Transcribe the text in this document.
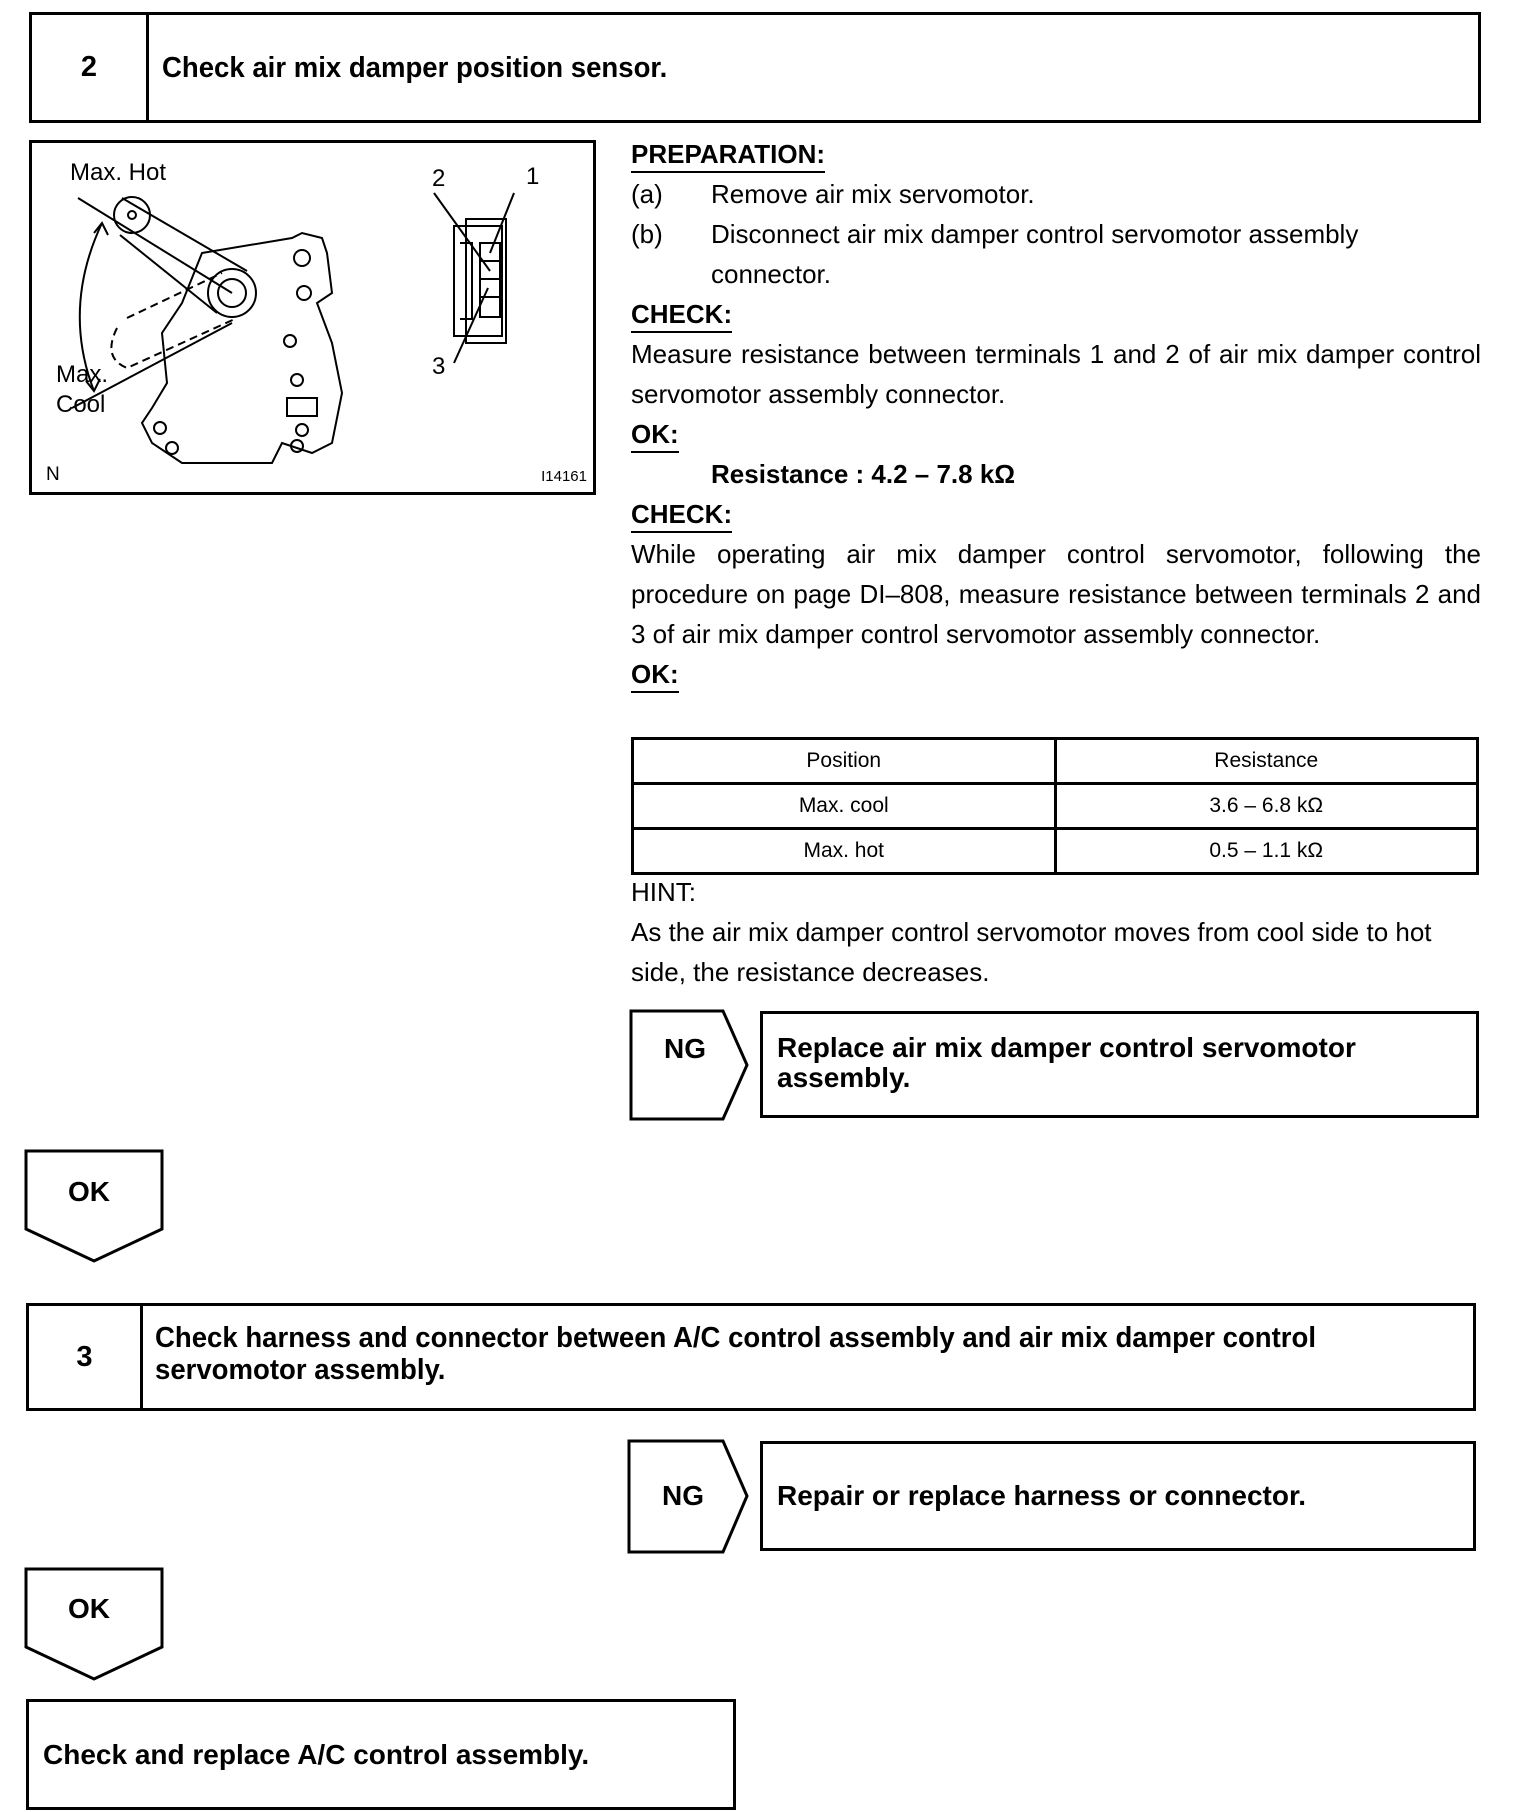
2	Check air mix damper position sensor.
Max. Hot
Max.
Cool
2	1
3
N	I14161
PREPARATION:
(a)	Remove air mix servomotor.
(b)	Disconnect air mix damper control servomotor assembly connector.
CHECK:
Measure resistance between terminals 1 and 2 of air mix damper control servomotor assembly connector.
OK:
Resistance : 4.2 – 7.8 kΩ
CHECK:
While operating air mix damper control servomotor, following the procedure on page DI–808, measure resistance between terminals 2 and 3 of air mix damper control servomotor assembly connector.
OK:
Position	Resistance
Max. cool	3.6 – 6.8 kΩ
Max. hot	0.5 – 1.1 kΩ
HINT:
As the air mix damper control servomotor moves from cool side to hot side, the resistance decreases.
NG	Replace air mix damper control servomotor assembly.
OK
3
Check harness and connector between A/C control assembly and air mix damper control servomotor assembly.
NG	Repair or replace harness or connector.
OK
Check and replace A/C control assembly.
